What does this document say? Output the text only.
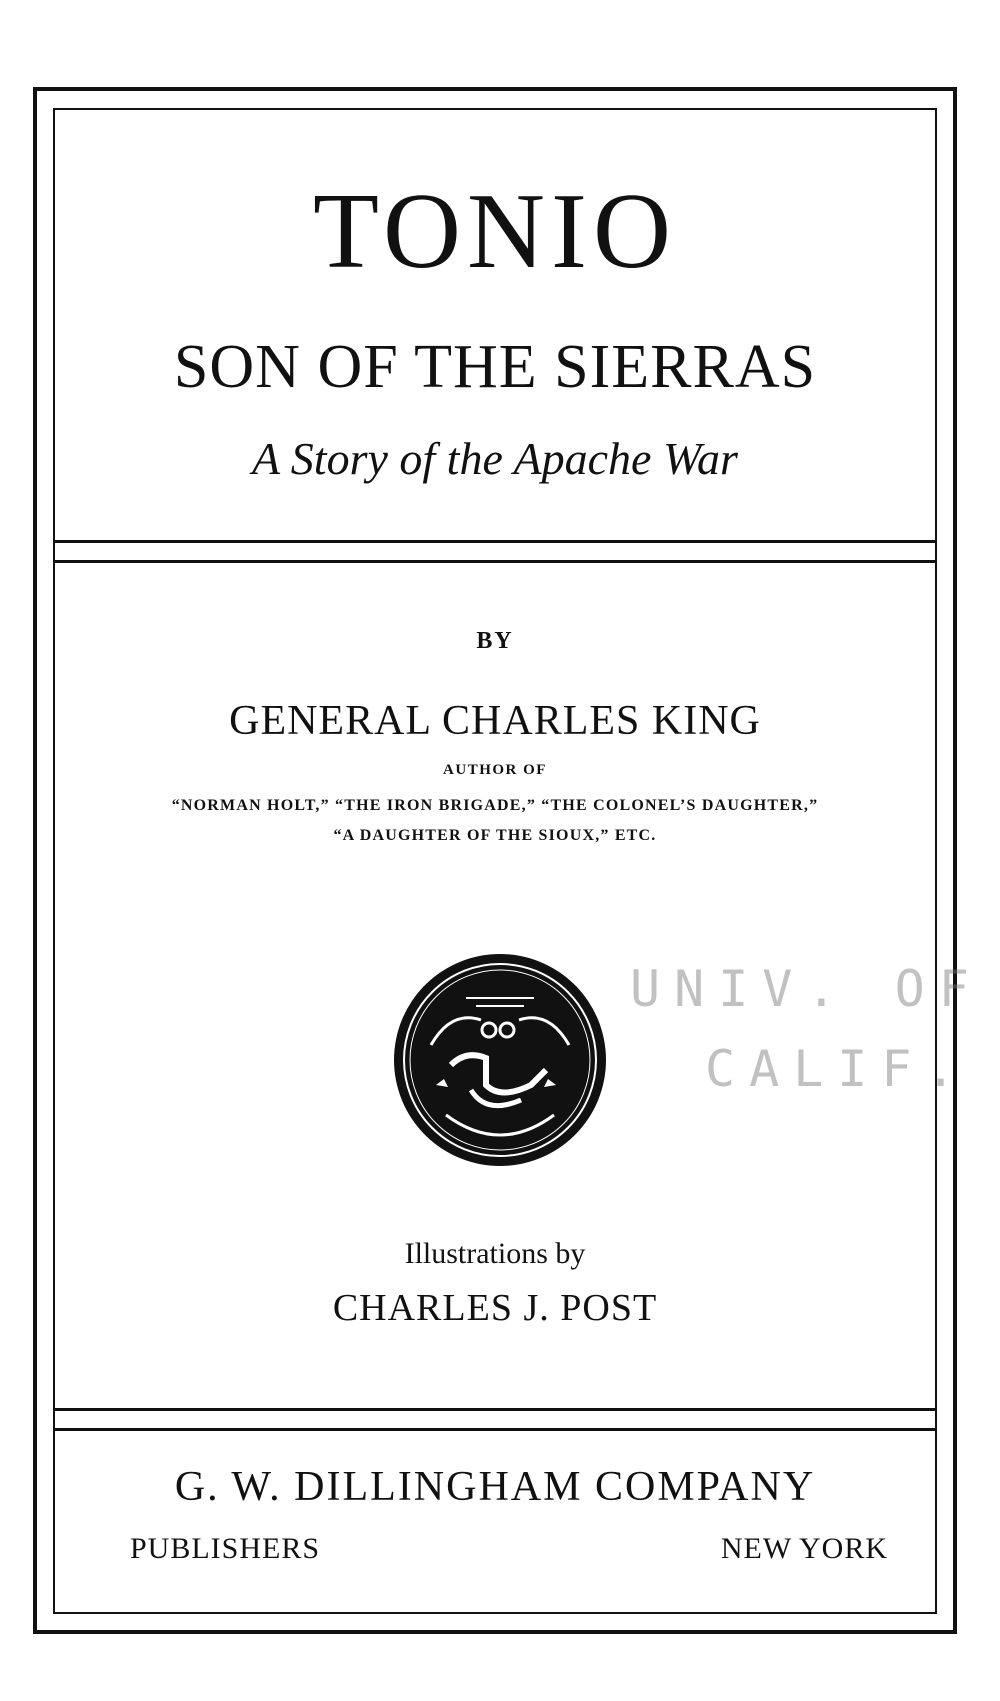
TONIO
SON OF THE SIERRAS
A Story of the Apache War
BY
GENERAL CHARLES KING
AUTHOR OF
“NORMAN HOLT,” “THE IRON BRIGADE,” “THE COLONEL’S DAUGHTER,”
“A DAUGHTER OF THE SIOUX,” ETC.
UNIV. OF
CALIF.
Illustrations by
CHARLES J. POST
G. W. DILLINGHAM COMPANY
PUBLISHERS	NEW YORK
